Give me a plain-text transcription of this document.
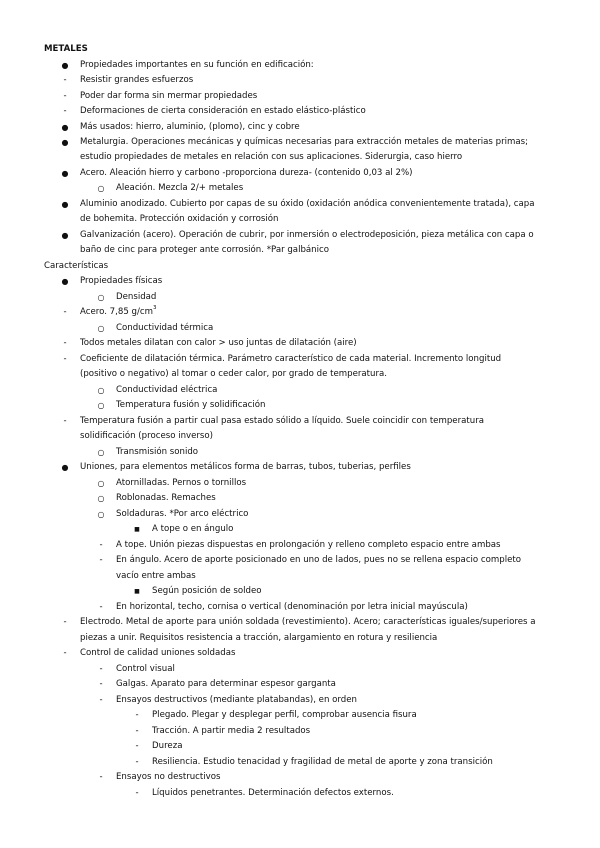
METALES
●	Propiedades importantes en su función en edificación:
-	Resistir grandes esfuerzos
-	Poder dar forma sin mermar propiedades
-	Deformaciones de cierta consideración en estado elástico-plástico
●	Más usados: hierro, aluminio, (plomo), cinc y cobre
●	Metalurgia. Operaciones mecánicas y químicas necesarias para extracción metales de materias primas;
estudio propiedades de metales en relación con sus aplicaciones. Siderurgia, caso hierro
●	Acero. Aleación hierro y carbono -proporciona dureza- (contenido 0,03 al 2%)
○	Aleación. Mezcla 2/+ metales
●	Aluminio anodizado. Cubierto por capas de su óxido (oxidación anódica convenientemente tratada), capa
de bohemita. Protección oxidación y corrosión
●	Galvanización (acero). Operación de cubrir, por inmersión o electrodeposición, pieza metálica con capa o
baño de cinc para proteger ante corrosión. *Par galbánico
Características
●	Propiedades físicas
○	Densidad
-	Acero. 7,85 $g/cm^3$
○	Conductividad térmica
-	Todos metales dilatan con calor > uso juntas de dilatación (aire)
-	Coeficiente de dilatación térmica. Parámetro característico de cada material. Incremento longitud
(positivo o negativo) al tomar o ceder calor, por grado de temperatura.
○	Conductividad eléctrica
○	Temperatura fusión y solidificación
-	Temperatura fusión a partir cual pasa estado sólido a líquido. Suele coincidir con temperatura
solidificación (proceso inverso)
○	Transmisión sonido
●	Uniones, para elementos metálicos forma de barras, tubos, tuberias, perfiles
○	Atornilladas. Pernos o tornillos
○	Roblonadas. Remaches
○	Soldaduras. *Por arco eléctrico
■	A tope o en ángulo
-	A tope. Unión piezas dispuestas en prolongación y relleno completo espacio entre ambas
-	En ángulo. Acero de aporte posicionado en uno de lados, pues no se rellena espacio completo
vacío entre ambas
■	Según posición de soldeo
-	En horizontal, techo, cornisa o vertical (denominación por letra inicial mayúscula)
-	Electrodo. Metal de aporte para unión soldada (revestimiento). Acero; características iguales/superiores a
piezas a unir. Requisitos resistencia a tracción, alargamiento en rotura y resiliencia
-	Control de calidad uniones soldadas
-	Control visual
-	Galgas. Aparato para determinar espesor garganta
-	Ensayos destructivos (mediante platabandas), en orden
-	Plegado. Plegar y desplegar perfil, comprobar ausencia fisura
-	Tracción. A partir media 2 resultados
-	Dureza
-	Resiliencia. Estudio tenacidad y fragilidad de metal de aporte y zona transición
-	Ensayos no destructivos
-	Líquidos penetrantes. Determinación defectos externos.
